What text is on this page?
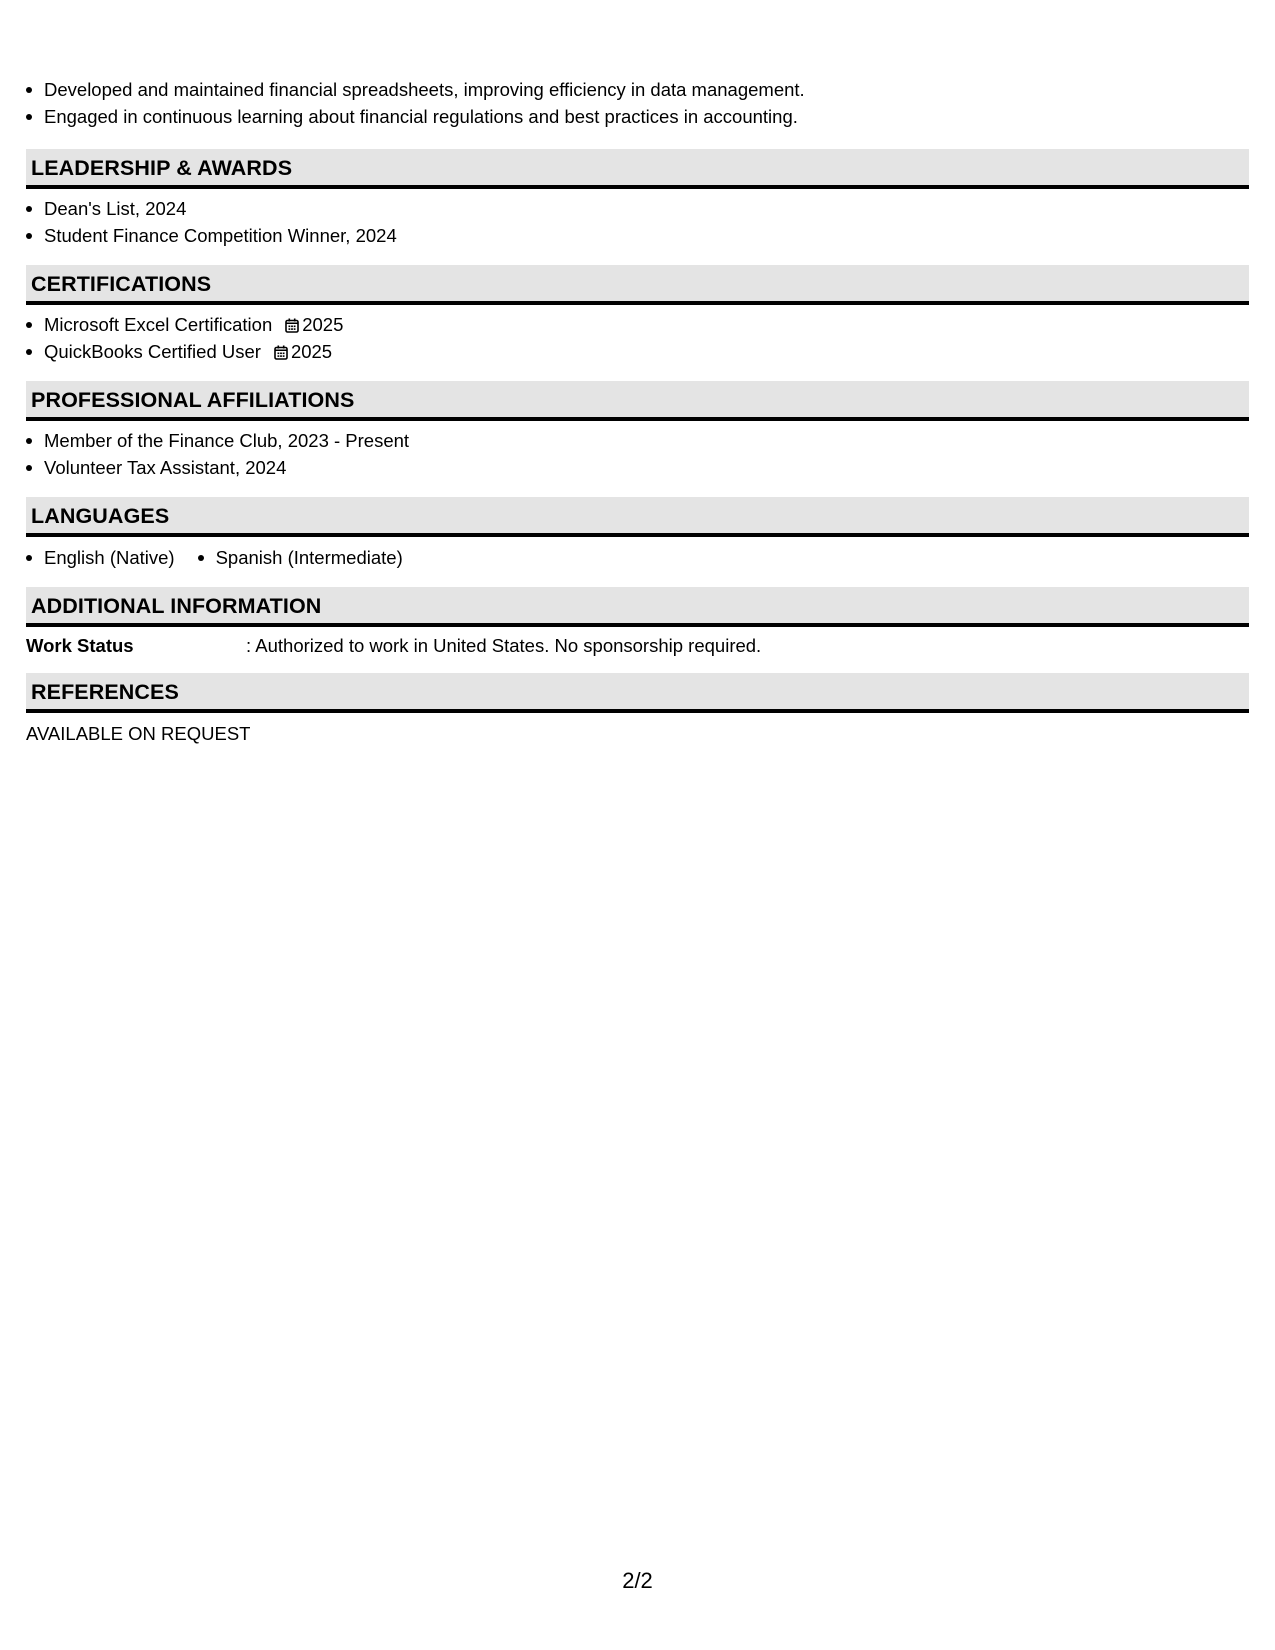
Developed and maintained financial spreadsheets, improving efficiency in data management.
Engaged in continuous learning about financial regulations and best practices in accounting.
LEADERSHIP & AWARDS
Dean's List, 2024
Student Finance Competition Winner, 2024
CERTIFICATIONS
Microsoft Excel Certification 2025
QuickBooks Certified User 2025
PROFESSIONAL AFFILIATIONS
Member of the Finance Club, 2023 - Present
Volunteer Tax Assistant, 2024
LANGUAGES
English (Native)	Spanish (Intermediate)
ADDITIONAL INFORMATION
Work Status	: Authorized to work in United States. No sponsorship required.
REFERENCES
AVAILABLE ON REQUEST
2/2
